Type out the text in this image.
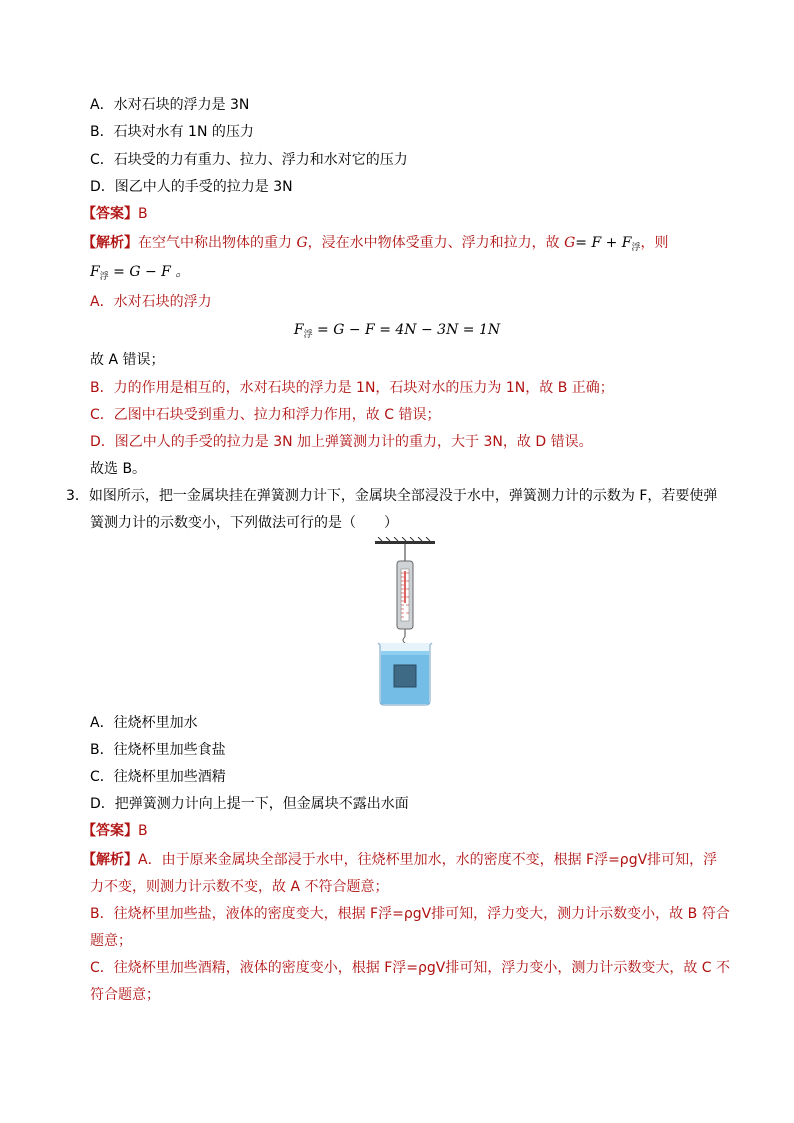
A．水对石块的浮力是 3N
B．石块对水有 1N 的压力
C．石块受的力有重力、拉力、浮力和水对它的压力
D．图乙中人的手受的拉力是 3N
【答案】B
【解析】在空气中称出物体的重力 G，浸在水中物体受重力、浮力和拉力，故 $G= F + F_浮$，则
$F_浮 = G - F$ 。
A．水对石块的浮力
$F_浮 = G - F = 4N - 3N = 1N$
故 A 错误；
B．力的作用是相互的，水对石块的浮力是 1N，石块对水的压力为 1N，故 B 正确；
C．乙图中石块受到重力、拉力和浮力作用，故 C 错误；
D．图乙中人的手受的拉力是 3N 加上弹簧测力计的重力，大于 3N，故 D 错误。
故选 B。
3．如图所示，把一金属块挂在弹簧测力计下，金属块全部浸没于水中，弹簧测力计的示数为 F，若要使弹
簧测力计的示数变小，下列做法可行的是（　　）
A．往烧杯里加水
B．往烧杯里加些食盐
C．往烧杯里加些酒精
D．把弹簧测力计向上提一下，但金属块不露出水面
【答案】B
【解析】A．由于原来金属块全部浸于水中，往烧杯里加水，水的密度不变，根据 F浮=ρgV排可知，浮
力不变，则测力计示数不变，故 A 不符合题意；
B．往烧杯里加些盐，液体的密度变大，根据 F浮=ρgV排可知，浮力变大，测力计示数变小，故 B 符合
题意；
C．往烧杯里加些酒精，液体的密度变小，根据 F浮=ρgV排可知，浮力变小，测力计示数变大，故 C 不
符合题意；
